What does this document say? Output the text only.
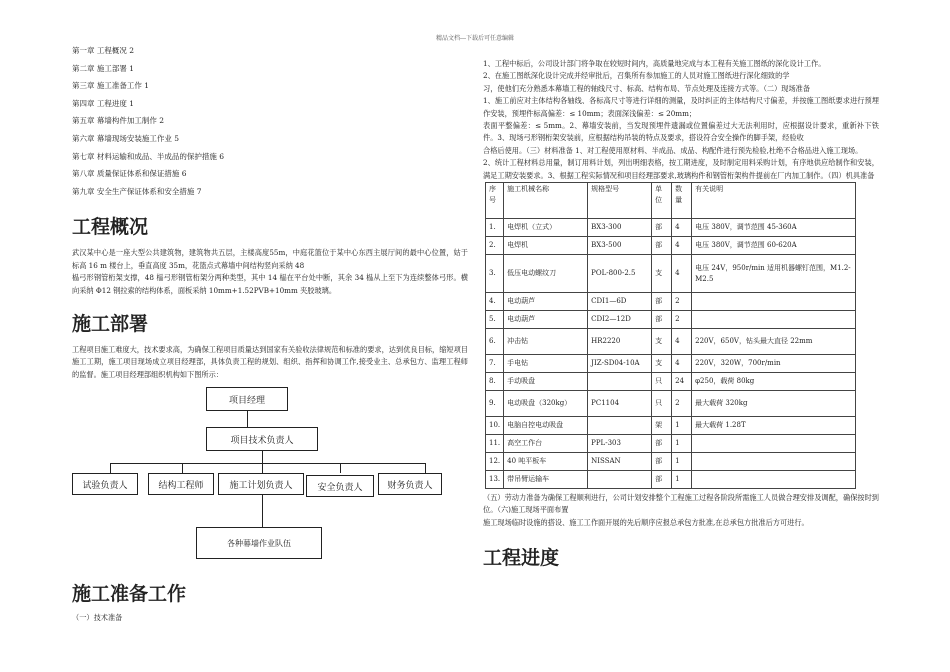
精品文档---下载后可任意编辑
第一章 工程概况 2
第二章 施工部署 1
第三章 施工准备工作 1
第四章 工程进度 1
第五章 幕墙构件加工制作 2
第六章 幕墙现场安装施工作业 5
第七章 材料运输和成品、半成品的保护措施 6
第八章 质量保证体系和保证措施 6
第九章 安全生产保证体系和安全措施 7
工程概况
武汉某中心是一座大型公共建筑物，建筑物共五层，主楼高度55m，中庭花篮位于某中心东西主展厅间的最中心位置，姑于标高 16 m 楼台上，垂直高度 35m，花篮点式幕墙中间结构竖向采纳 48
榀弓形钢管桁架支撑，48 榀弓形钢管桁架分两种类型，其中 14 榀在平台处中断，其余 34 榀从上至下为连续整体弓形。横向采纳 Φ12 钢拉索的结构体系，面板采纳 10mm+1.52PVB+10mm 夹胶玻璃。
施工部署
工程项目施工难度大，技术要求高，为确保工程项目质量达到国家有关验收法律规范和标准的要求，达到优良目标，缩短项目施工工期，施工项目现场成立项目经理部，具体负责工程的规划、组织、指挥和协调工作,接受业主、总承包方、监理工程师的监督。施工项目经理部组织机构如下图所示：
项目经理
项目技术负责人
试验负责人	结构工程师	施工计划负责人	安全负责人	财务负责人
各种幕墙作业队伍
施工准备工作
（一）技术准备
1、工程中标后，公司设计部门将争取在较短时间内，高质量地完成与本工程有关施工图纸的深化设计工作。
2、在施工图纸深化设计完成并经审批后，召集所有参加施工的人员对施工图纸进行深化细致的学
习，使他们充分熟悉本幕墙工程的轴线尺寸、标高、结构布局、节点处理及连接方式等。（二）现场准备
1、施工前应对主体结构各轴线、各标高尺寸等进行详细的测量，及时纠正的主体结构尺寸偏差，并按施工图纸要求进行预埋作安装，预埋件标高偏差：≤ 10mm；表面深浅偏差：≤ 20mm；
表面平整偏差：≤ 5mm。2、幕墙安装前，当发现预埋件遗漏或位置偏差过大无法利用时，应根据设计要求，重新补下铁件。3、现场弓形钢桁架安装前，应根据结构吊装的特点及要求，搭设符合安全操作的脚手架，经验收
合格后使用。（三）材料准备 1、对工程使用原材料、半成品、成品、构配件进行预先检验,杜绝不合格品进入施工现场。
2、统计工程材料总用量，制订用料计划，列出明细表格，按工期进度，及时制定用料采购计划，有序地供应给制作和安装，满足工期安装要求。3、根据工程实际情况和项目经理部要求,玻璃构件和钢管桁架构件提前在厂内加工制作。（四）机具准备
序号	施工机械名称	规格型号	单位	数量	有关说明
1.	电焊机（立式）	BX3-300	部	4	电压 380V，调节范围 45-360A
2.	电焊机	BX3-500	部	4	电压 380V，调节范围 60-620A
3.	低压电动螺纹刀	POL-800-2.5	支	4	电压 24V，950r/min 适用机器螺钉范围，M1.2-M2.5
4.	电动葫芦	CDI1—6D	部	2	
5.	电动葫芦	CDI2—12D	部	2	
6.	冲击钻	HR2220	支	4	220V，650V，钻头最大直径 22mm
7.	手电钻	JIZ-SD04-10A	支	4	220V，320W，700r/min
8.	手动吸盘		只	24	φ250，载荷 80kg
9.	电动吸盘（320kg）	PC1104	只	2	最大载荷 320kg
10.	电脑自控电动吸盘		架	1	最大载荷 1.28T
11.	高空工作台	PPL-303	部	1	
12.	40 吨平板车	NISSAN	部	1	
13.	带吊臂运输车		部	1	
（五）劳动力准备为确保工程顺利进行，公司计划安排整个工程施工过程各阶段所需施工人员做合理安排及调配，确保按时到位。（六)施工现场平面布置
施工现场临时设施的搭设、施工工作面开展的先后顺序应报总承包方批准,在总承包方批准后方可进行。
工程进度
